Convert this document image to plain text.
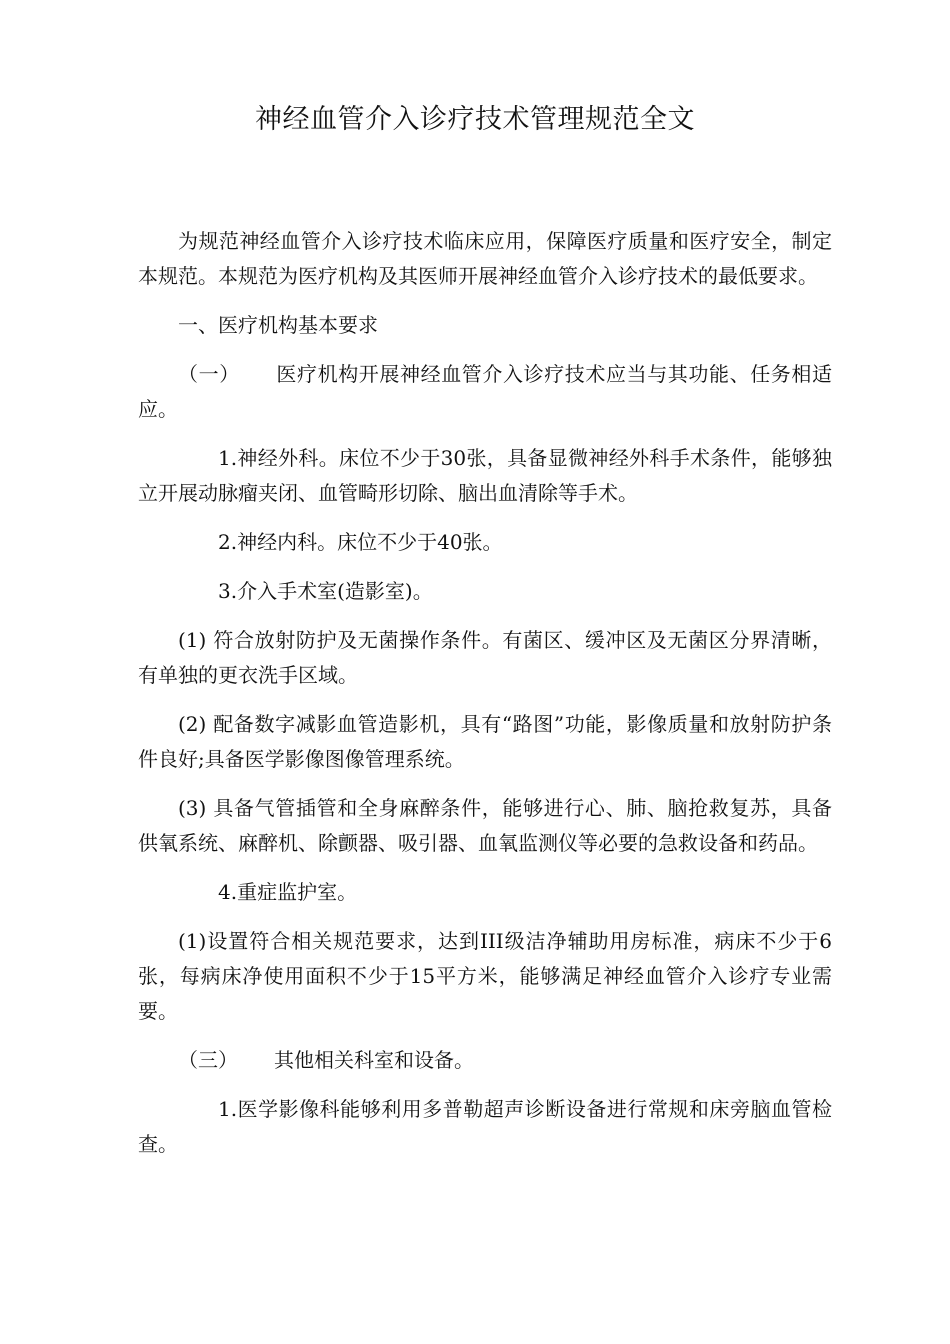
神经血管介入诊疗技术管理规范全文

为规范神经血管介入诊疗技术临床应用，保障医疗质量和医疗安全，制定本规范。本规范为医疗机构及其医师开展神经血管介入诊疗技术的最低要求。

一、医疗机构基本要求

（一） 医疗机构开展神经血管介入诊疗技术应当与其功能、任务相适应。

1.神经外科。床位不少于30张，具备显微神经外科手术条件，能够独立开展动脉瘤夹闭、血管畸形切除、脑出血清除等手术。

2.神经内科。床位不少于40张。

3.介入手术室(造影室)。

(1) 符合放射防护及无菌操作条件。有菌区、缓冲区及无菌区分界清晰，有单独的更衣洗手区域。

(2) 配备数字减影血管造影机，具有“路图”功能，影像质量和放射防护条件良好;具备医学影像图像管理系统。

(3) 具备气管插管和全身麻醉条件，能够进行心、肺、脑抢救复苏，具备供氧系统、麻醉机、除颤器、吸引器、血氧监测仪等必要的急救设备和药品。

4.重症监护室。

(1)设置符合相关规范要求，达到III级洁净辅助用房标准，病床不少于6张，每病床净使用面积不少于15平方米，能够满足神经血管介入诊疗专业需要。

（三） 其他相关科室和设备。

1.医学影像科能够利用多普勒超声诊断设备进行常规和床旁脑血管检查。
